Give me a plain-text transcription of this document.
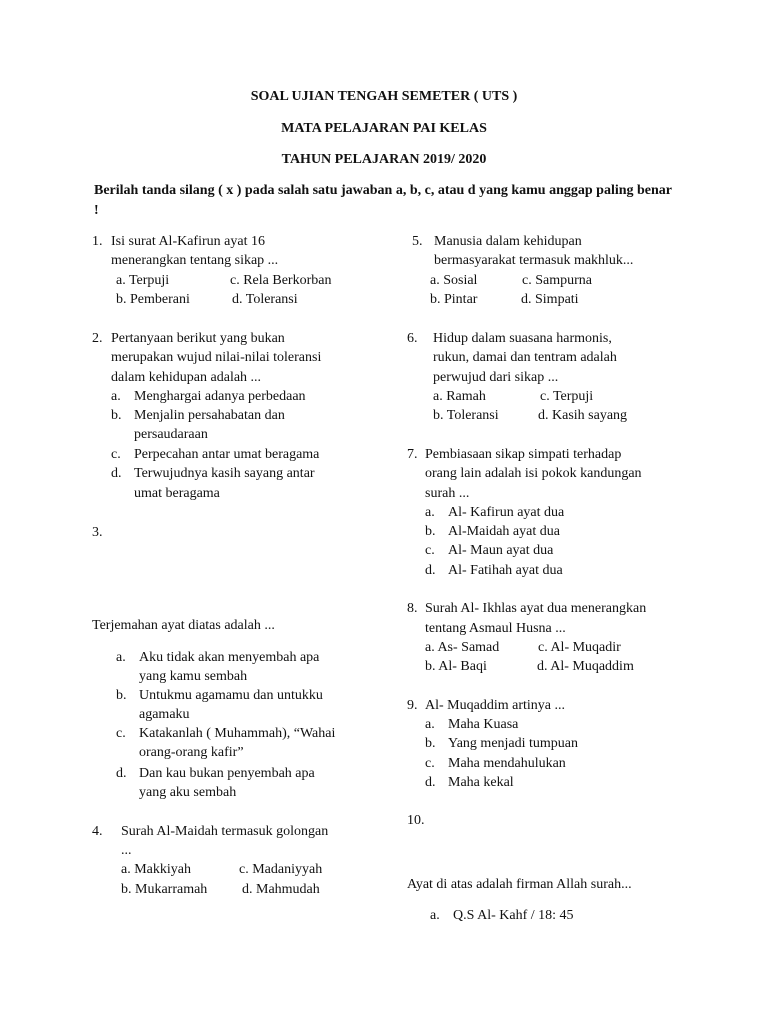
SOAL UJIAN TENGAH SEMETER ( UTS )
MATA PELAJARAN PAI KELAS
TAHUN PELAJARAN 2019/ 2020
Berilah tanda silang ( x ) pada salah satu jawaban a, b, c, atau d yang kamu anggap paling benar !
1. Isi surat Al-Kafirun ayat 16
menerangkan tentang sikap ...
a. Terpuji	c. Rela Berkorban
b. Pemberani	d. Toleransi
2. Pertanyaan berikut yang bukan
merupakan wujud nilai-nilai toleransi
dalam kehidupan adalah ...
a. Menghargai adanya perbedaan
b. Menjalin persahabatan dan
persaudaraan
c. Perpecahan antar umat beragama
d. Terwujudnya kasih sayang antar
umat beragama
3.
Terjemahan ayat diatas adalah ...
a. Aku tidak akan menyembah apa
yang kamu sembah
b. Untukmu agamamu dan untukku
agamaku
c. Katakanlah ( Muhammah), “Wahai
orang-orang kafir”
d. Dan kau bukan penyembah apa
yang aku sembah
4. Surah Al-Maidah termasuk golongan
...
a. Makkiyah	c. Madaniyyah
b. Mukarramah d. Mahmudah
5. Manusia dalam kehidupan
bermasyarakat termasuk makhluk...
a. Sosial	c. Sampurna
b. Pintar	d. Simpati
6. Hidup dalam suasana harmonis,
rukun, damai dan tentram adalah
perwujud dari sikap ...
a. Ramah	c. Terpuji
b. Toleransi	d. Kasih sayang
7. Pembiasaan sikap simpati terhadap
orang lain adalah isi pokok kandungan
surah ...
a. Al- Kafirun ayat dua
b. Al-Maidah ayat dua
c. Al- Maun ayat dua
d. Al- Fatihah ayat dua
8. Surah Al- Ikhlas ayat dua menerangkan
tentang Asmaul Husna ...
a. As- Samad	c. Al- Muqadir
b. Al- Baqi	d. Al- Muqaddim
9. Al- Muqaddim artinya ...
a. Maha Kuasa
b. Yang menjadi tumpuan
c. Maha mendahulukan
d. Maha kekal
10.
Ayat di atas adalah firman Allah surah...
a. Q.S Al- Kahf / 18: 45
